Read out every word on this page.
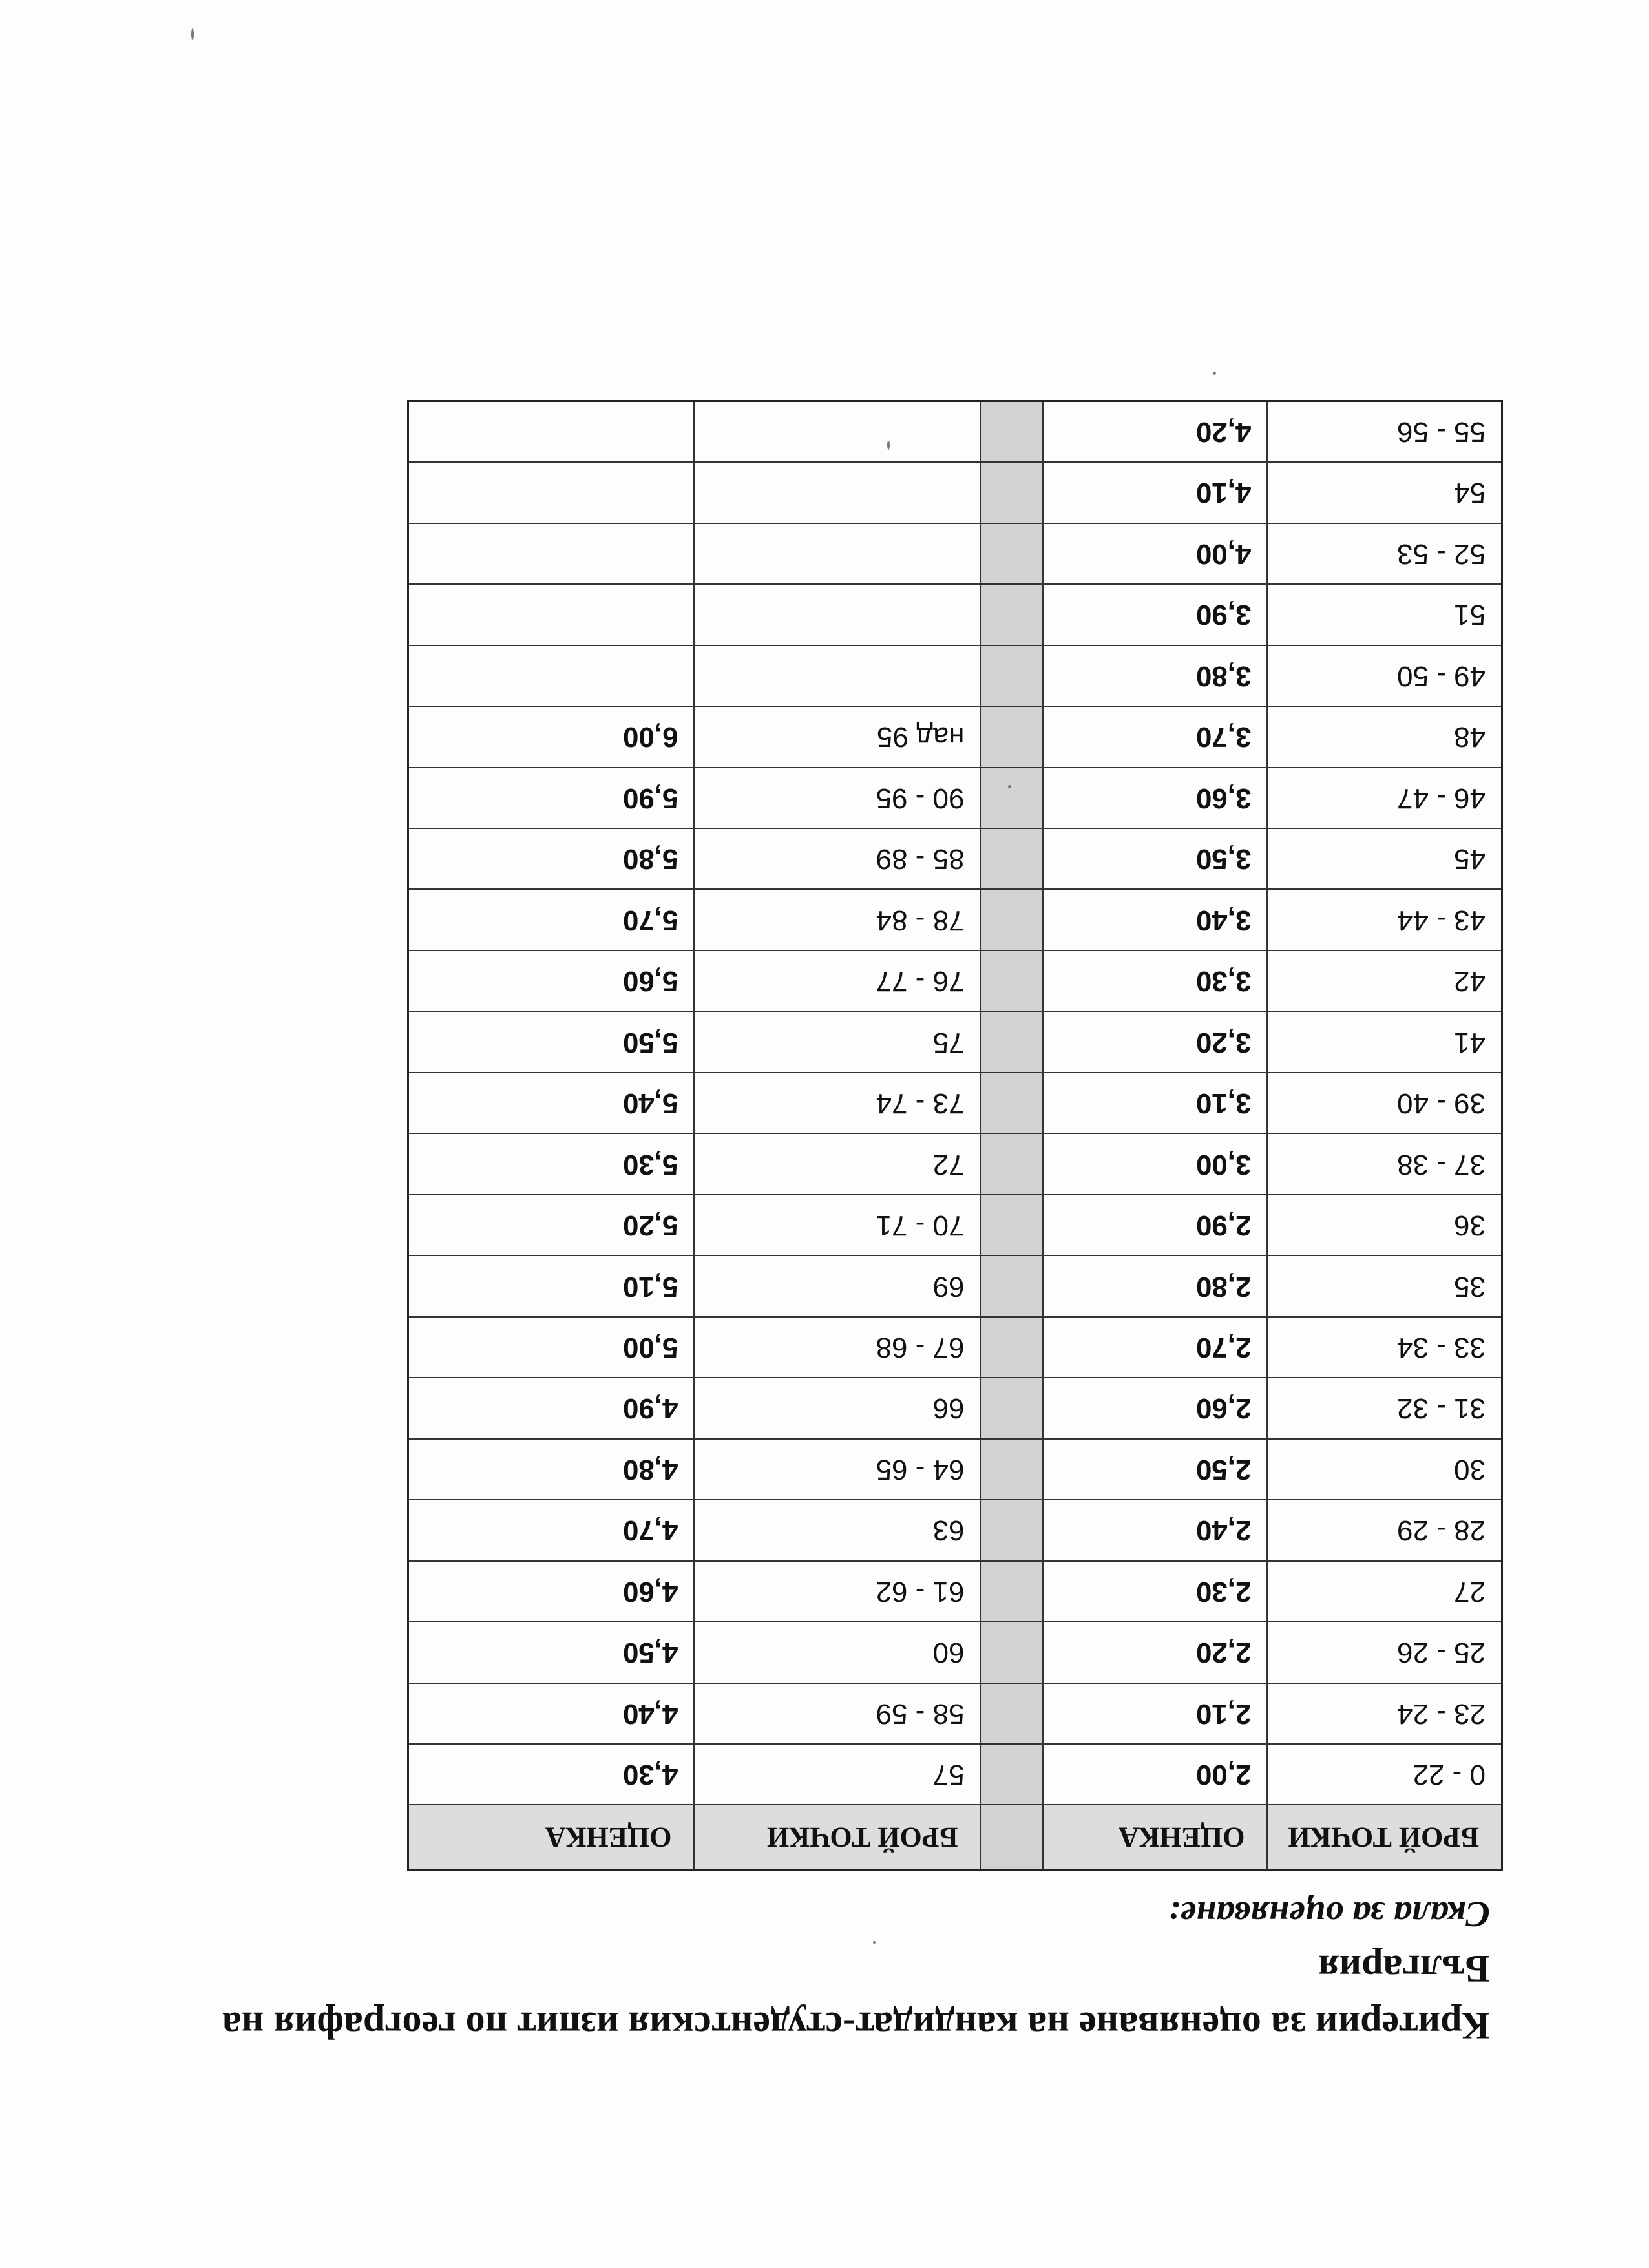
Критерии за оценяване на кандидат-студентския изпит по география на България
Скала за оценяване:
БРОЙ ТОЧКИ	ОЦЕНКА		БРОЙ ТОЧКИ	ОЦЕНКА
0 - 22	2,00		57	4,30
23 - 24	2,10		58 - 59	4,40
25 - 26	2,20		60	4,50
27	2,30		61 - 62	4,60
28 - 29	2,40		63	4,70
30	2,50		64 - 65	4,80
31 - 32	2,60		66	4,90
33 - 34	2,70		67 - 68	5,00
35	2,80		69	5,10
36	2,90		70 - 71	5,20
37 - 38	3,00		72	5,30
39 - 40	3,10		73 - 74	5,40
41	3,20		75	5,50
42	3,30		76 - 77	5,60
43 - 44	3,40		78 - 84	5,70
45	3,50		85 - 89	5,80
46 - 47	3,60		90 - 95	5,90
48	3,70		над 95	6,00
49 - 50	3,80			
51	3,90			
52 - 53	4,00			
54	4,10			
55 - 56	4,20			
